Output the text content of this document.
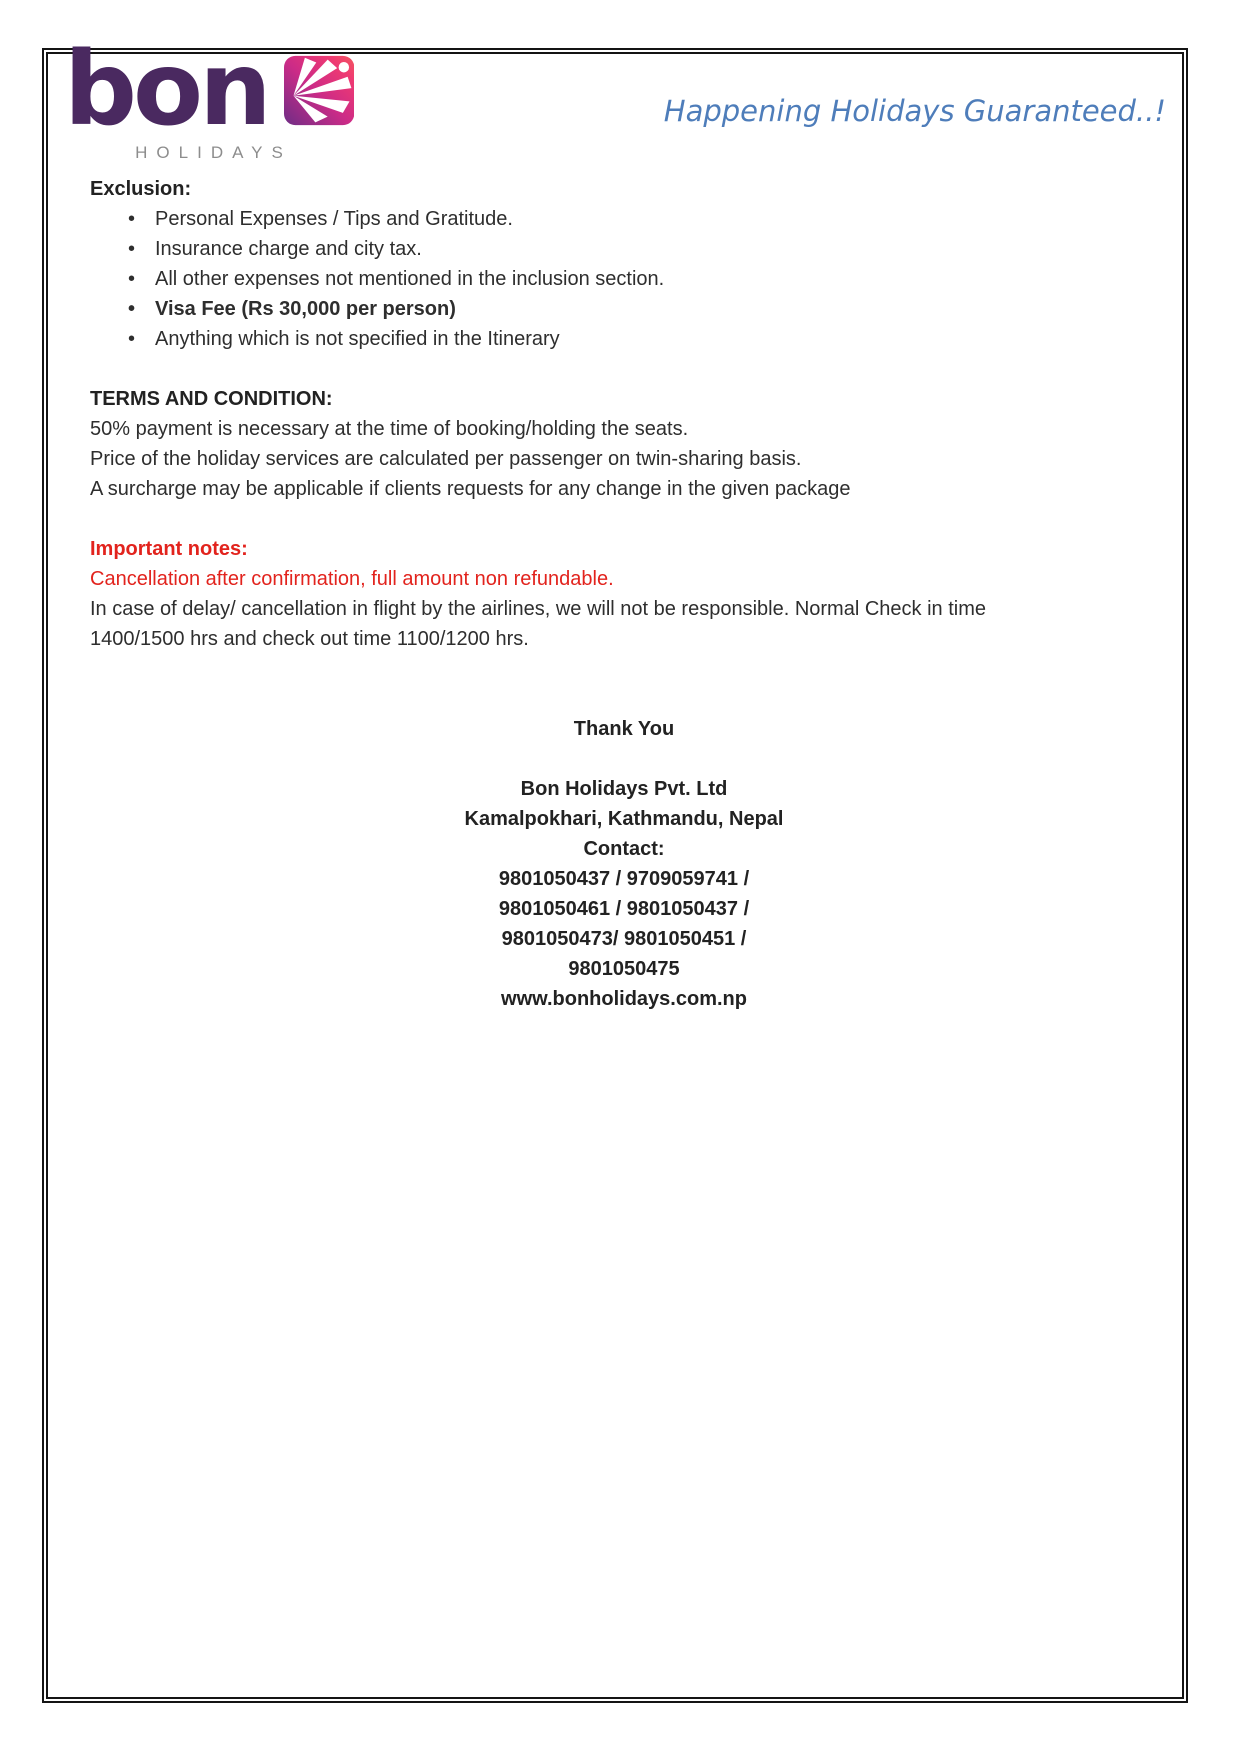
bon
HOLIDAYS
Happening Holidays Guaranteed..!
Exclusion:
• Personal Expenses / Tips and Gratitude.
• Insurance charge and city tax.
• All other expenses not mentioned in the inclusion section.
• Visa Fee (Rs 30,000 per person)
• Anything which is not specified in the Itinerary
TERMS AND CONDITION:
50% payment is necessary at the time of booking/holding the seats.
Price of the holiday services are calculated per passenger on twin-sharing basis.
A surcharge may be applicable if clients requests for any change in the given package
Important notes:
Cancellation after confirmation, full amount non refundable.
In case of delay/ cancellation in flight by the airlines, we will not be responsible. Normal Check in time
1400/1500 hrs and check out time 1100/1200 hrs.
Thank You
Bon Holidays Pvt. Ltd
Kamalpokhari, Kathmandu, Nepal
Contact:
9801050437 / 9709059741 /
9801050461 / 9801050437 /
9801050473/ 9801050451 /
9801050475
www.bonholidays.com.np
